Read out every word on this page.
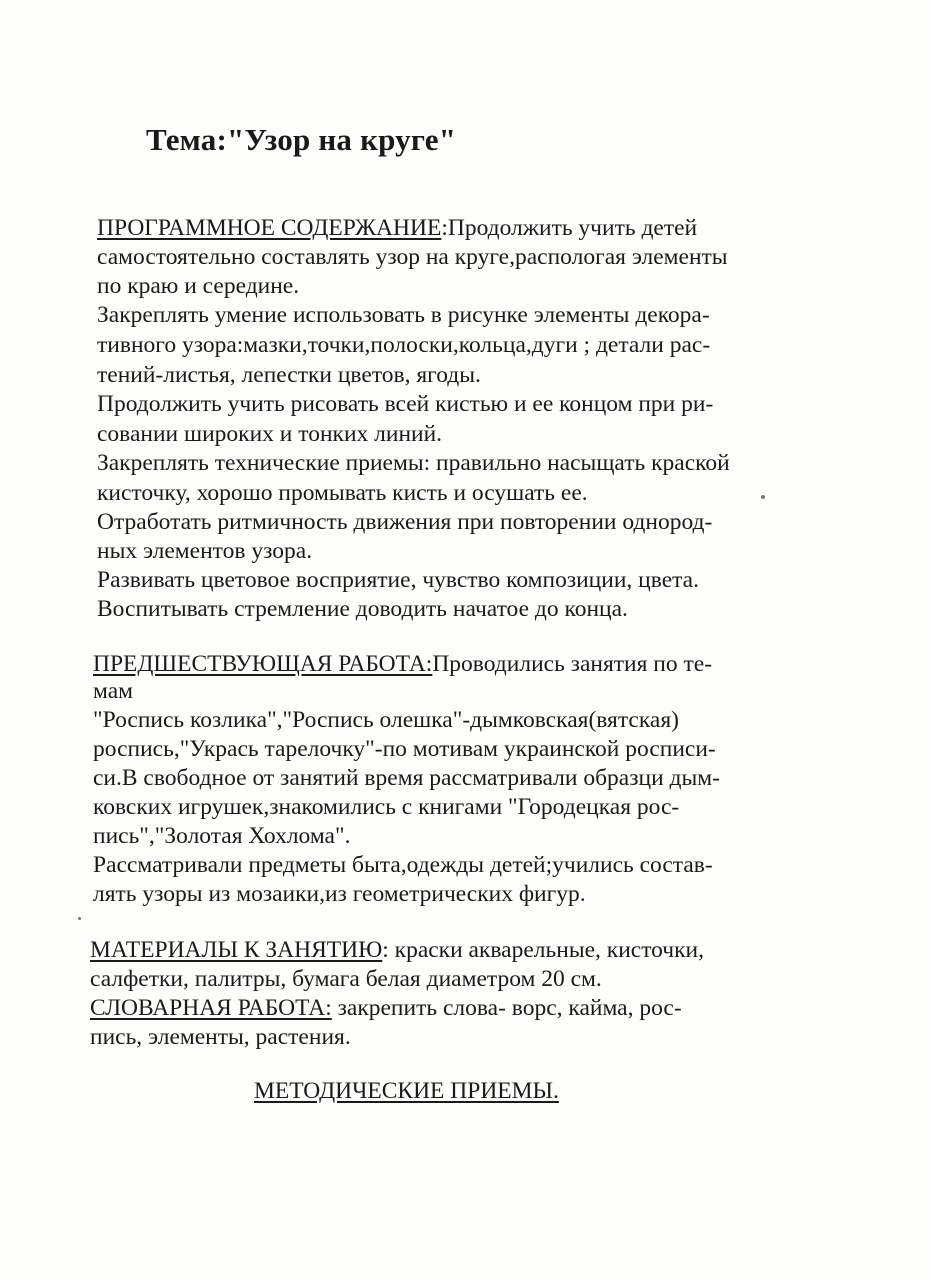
Тема:"Узор на круге"
ПРОГРАММНОЕ СОДЕРЖАНИЕ:Продолжить учить детей
самостоятельно составлять узор на круге,распологая элементы
по краю и середине.
Закреплять умение использовать в рисунке элементы декора-
тивного узора:мазки,точки,полоски,кольца,дуги ; детали рас-
тений-листья, лепестки цветов, ягоды.
Продолжить учить рисовать всей кистью и ее концом при ри-
совании широких и тонких линий.
Закреплять технические приемы: правильно насыщать краской
кисточку, хорошо промывать кисть и осушать ее.
Отработать ритмичность движения при повторении однород-
ных элементов узора.
Развивать цветовое восприятие, чувство композиции, цвета.
Воспитывать стремление доводить начатое до конца.
ПРЕДШЕСТВУЮЩАЯ РАБОТА:Проводились занятия по те-
мам
"Роспись козлика","Роспись олешка"-дымковская(вятская)
роспись,"Укрась тарелочку"-по мотивам украинской росписи-
си.В свободное от занятий время рассматривали образци дым-
ковских игрушек,знакомились с книгами "Городецкая рос-
пись","Золотая Хохлома".
Рассматривали предметы быта,одежды детей;учились состав-
лять узоры из мозаики,из геометрических фигур.
МАТЕРИАЛЫ К ЗАНЯТИЮ: краски акварельные, кисточки,
салфетки, палитры, бумага белая диаметром 20 см.
СЛОВАРНАЯ РАБОТА: закрепить слова- ворс, кайма, рос-
пись, элементы, растения.
МЕТОДИЧЕСКИЕ ПРИЕМЫ.
